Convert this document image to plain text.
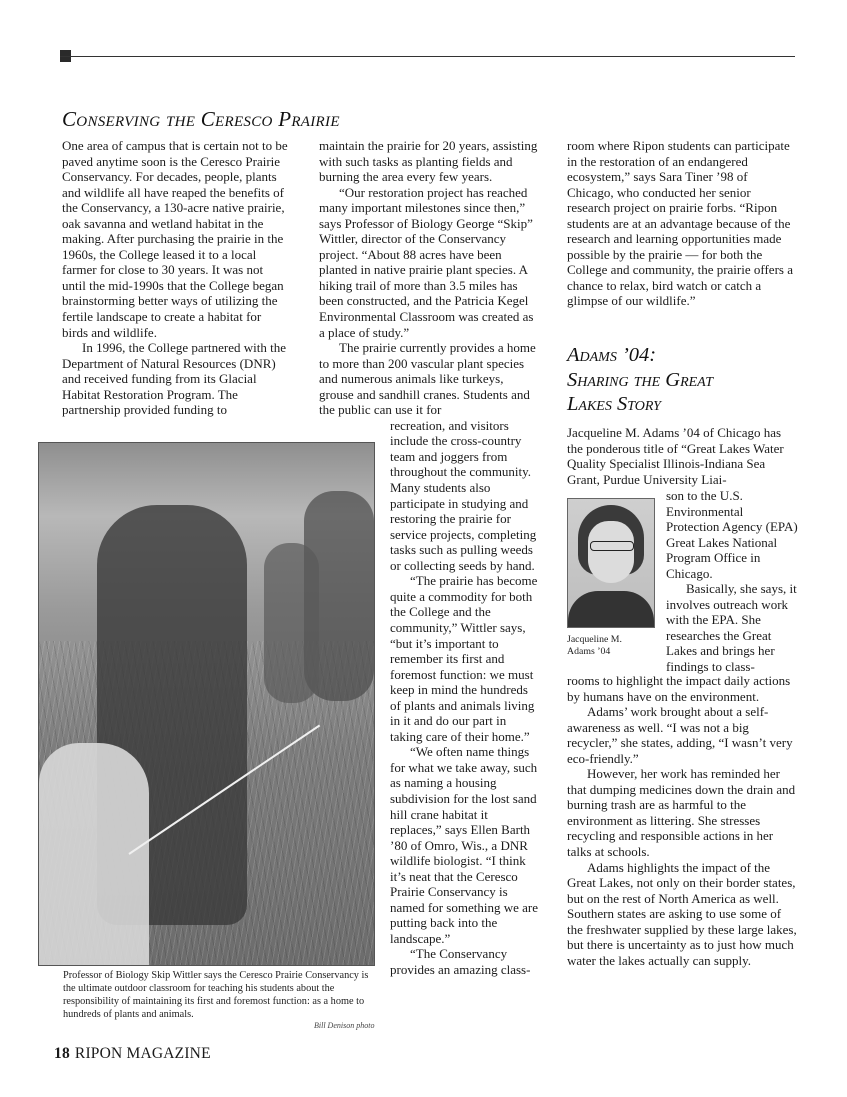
Conserving the Ceresco Prairie

One area of campus that is certain not to be paved anytime soon is the Ceresco Prairie Conservancy. For decades, people, plants and wildlife all have reaped the benefits of the Conservancy, a 130-acre native prairie, oak savanna and wetland habitat in the making. After purchasing the prairie in the 1960s, the College leased it to a local farmer for close to 30 years. It was not until the mid-1990s that the College began brainstorming better ways of utilizing the fertile landscape to create a habitat for birds and wildlife.

In 1996, the College partnered with the Department of Natural Resources (DNR) and received funding from its Glacial Habitat Restoration Program. The partnership provided funding to

Professor of Biology Skip Wittler says the Ceresco Prairie Conservancy is the ultimate outdoor classroom for teaching his students about the responsibility of maintaining its first and foremost function: as a home to hundreds of plants and animals.
Bill Denison photo

maintain the prairie for 20 years, assisting with such tasks as planting fields and burning the area every few years.

“Our restoration project has reached many important milestones since then,” says Professor of Biology George “Skip” Wittler, director of the Conservancy project. “About 88 acres have been planted in native prairie plant species. A hiking trail of more than 3.5 miles has been constructed, and the Patricia Kegel Environmental Classroom was created as a place of study.”

The prairie currently provides a home to more than 200 vascular plant species and numerous animals like turkeys, grouse and sandhill cranes. Students and the public can use it for

recreation, and visitors include the cross-country team and joggers from throughout the community. Many students also participate in studying and restoring the prairie for service projects, completing tasks such as pulling weeds or collecting seeds by hand.

“The prairie has become quite a commodity for both the College and the community,” Wittler says, “but it’s important to remember its first and foremost function: we must keep in mind the hundreds of plants and animals living in it and do our part in taking care of their home.”

“We often name things for what we take away, such as naming a housing subdivision for the lost sand hill crane habitat it replaces,” says Ellen Barth ’80 of Omro, Wis., a DNR wildlife biologist. “I think it’s neat that the Ceresco Prairie Conservancy is named for something we are putting back into the landscape.”

“The Conservancy provides an amazing class-

room where Ripon students can participate in the restoration of an endangered ecosystem,” says Sara Tiner ’98 of Chicago, who conducted her senior research project on prairie forbs. “Ripon students are at an advantage because of the research and learning opportunities made possible by the prairie — for both the College and community, the prairie offers a chance to relax, bird watch or catch a glimpse of our wildlife.”

Adams ’04:
Sharing the Great
Lakes Story

Jacqueline M. Adams ’04 of Chicago has the ponderous title of “Great Lakes Water Quality Specialist Illinois-Indiana Sea Grant, Purdue University Liai-

Jacqueline M.
Adams ’04

son to the U.S. Environmental Protection Agency (EPA) Great Lakes National Program Office in Chicago.

Basically, she says, it involves outreach work with the EPA. She researches the Great Lakes and brings her findings to class-

rooms to highlight the impact daily actions by humans have on the environment.

Adams’ work brought about a self-awareness as well. “I was not a big recycler,” she states, adding, “I wasn’t very eco-friendly.”

However, her work has reminded her that dumping medicines down the drain and burning trash are as harmful to the environment as littering. She stresses recycling and responsible actions in her talks at schools.

Adams highlights the impact of the Great Lakes, not only on their border states, but on the rest of North America as well. Southern states are asking to use some of the freshwater supplied by these large lakes, but there is uncertainty as to just how much water the lakes actually can supply.

18 RIPON MAGAZINE
